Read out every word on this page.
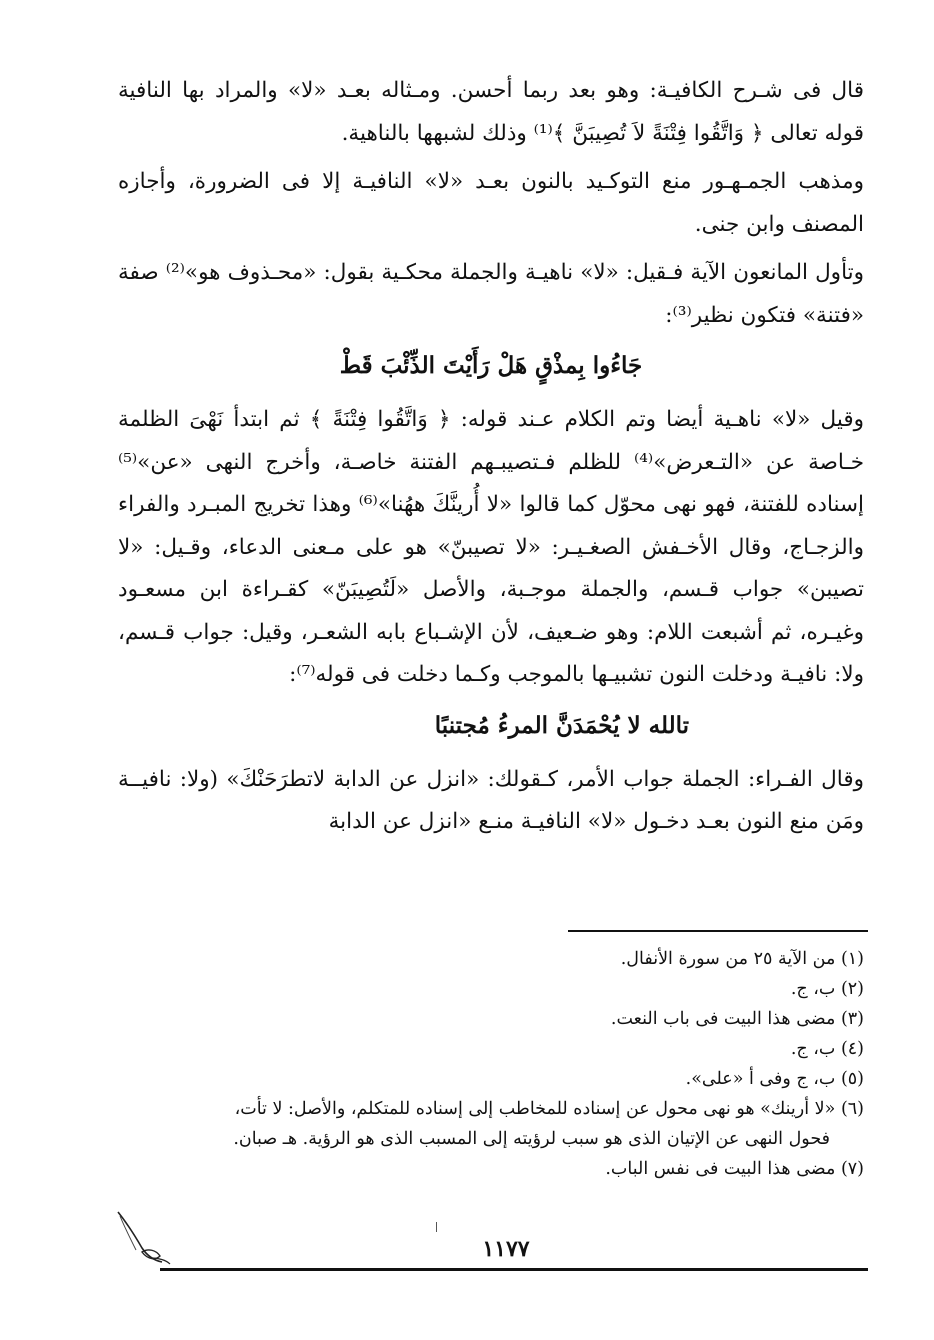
قال فى شـرح الكافيـة: وهو بعد ربما أحسن. ومـثاله بعـد «لا» والمراد بها النافية قوله تعالى ﴿ وَاتَّقُوا فِتْنَةً لاَ تُصِيبَنَّ ﴾⁽¹⁾ وذلك لشبهها بالناهية.

ومذهب الجمـهـور منع التوكـيد بالنون بعـد «لا» النافيـة إلا فى الضرورة، وأجازه المصنف وابن جنى.

وتأول المانعون الآية فـقيل: «لا» ناهيـة والجملة محكـية بقول: «محـذوف هو»⁽²⁾ صفة «فتنة» فتكون نظير⁽³⁾:

جَاءُوا بِمذْقٍ هَلْ رَأَيْتَ الذِّئْبَ قَطْ

وقيل «لا» ناهـية أيضا وتم الكلام عـند قوله: ﴿ وَاتَّقُوا فِتْنَةً ﴾ ثم ابتدأ نَهْىَ الظلمة خـاصة عن «التـعرض»⁽⁴⁾ للظلم فـتصيبـهم الفتنة خاصـة، وأخرج النهى «عن»⁽⁵⁾ إسناده للفتنة، فهو نهى محوّل كما قالوا «لا أُرينَّكَ ههُنا»⁽⁶⁾ وهذا تخريج المبـرد والفراء والزجـاج، وقال الأخـفش الصغـيـر: «لا تصيبنّ» هو على مـعنى الدعاء، وقـيل: «لا تصيبن» جواب قـسم، والجملة موجـبة، والأصل «لَتُصِيبَنّ» كقـراءة ابن مسعـود وغيـره، ثم أشبعت اللام: وهو ضـعيف، لأن الإشـباع بابه الشعـر، وقيل: جواب قـسم، ولا: نافيـة ودخلت النون تشبيـها بالموجب وكـما دخلت فى قوله⁽⁷⁾:

تالله لا يُحْمَدَنَّ المرءُ مُجتنبًا

وقال الفـراء: الجملة جواب الأمر، كـقولك: «انزل عن الدابة لاتطرَحَنْكَ» (ولا: نافيــة ومَن منع النون بعـد دخـول «لا» النافيـة منـع «انزل عن الدابة

(١) من الآية ٢٥ من سورة الأنفال.

(٢) ب، ج.

(٣) مضى هذا البيت فى باب النعت.

(٤) ب، ج.

(٥) ب، ج وفى أ «على».

(٦) «لا أرينك» هو نهى محول عن إسناده للمخاطب إلى إسناده للمتكلم، والأصل: لا تأت،
فحول النهى عن الإتيان الذى هو سبب لرؤيته إلى المسبب الذى هو الرؤية. هـ صبان.

(٧) مضى هذا البيت فى نفس الباب.

١١٧٧
